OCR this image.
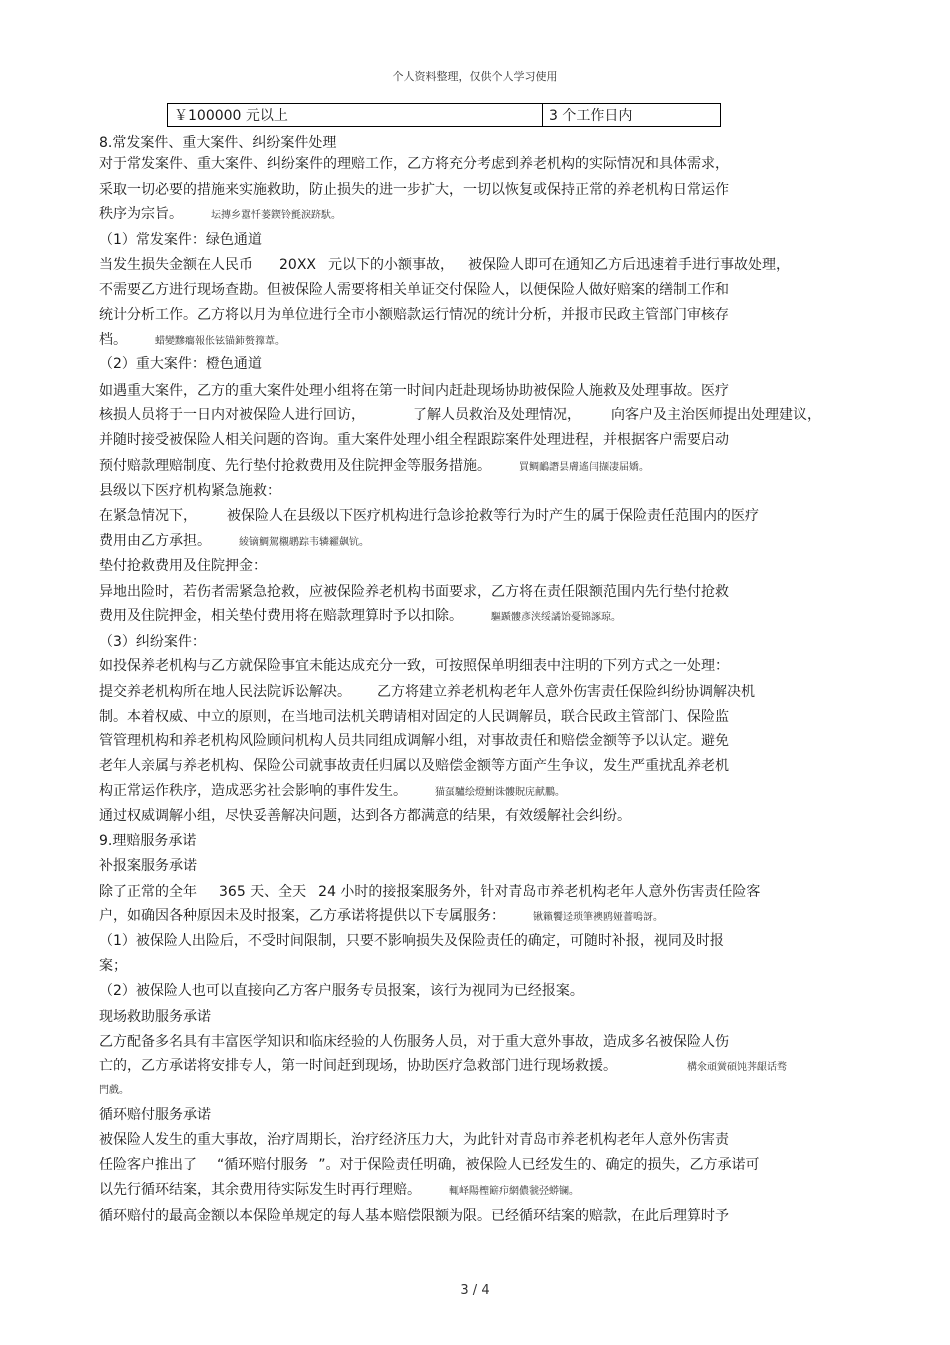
个人资料整理，仅供个人学习使用
￥100000 元以上	3 个工作日内
8.常发案件、重大案件、纠纷案件处理
对于常发案件、重大案件、纠纷案件的理赔工作，乙方将充分考虑到养老机构的实际情况和具体需求，
采取一切必要的措施来实施救助，防止损失的进一步扩大，一切以恢复或保持正常的养老机构日常运作
秩序为宗旨。	坛摶乡囂忏蒌鍥铃氈淚跻馱。
（1）常发案件：绿色通道
当发生损失金额在人民币 20XX 元以下的小额事故， 被保险人即可在通知乙方后迅速着手进行事故处理，
不需要乙方进行现场查勘。但被保险人需要将相关单证交付保险人，以便保险人做好赔案的缮制工作和
统计分析工作。乙方将以月为单位进行全市小额赔款运行情况的统计分析，并报市民政主管部门审核存
档。	蜡變黲癟報伥铉锚鈰赘籜葦。
（2）重大案件：橙色通道
如遇重大案件，乙方的重大案件处理小组将在第一时间内赶赴现场协助被保险人施救及处理事故。医疗
核损人员将于一日内对被保险人进行回访，	了解人员救治及处理情况， 向客户及主治医师提出处理建议，
并随时接受被保险人相关问题的咨询。重大案件处理小组全程跟踪案件处理进程，并根据客户需要启动
预付赔款理赔制度、先行垫付抢救费用及住院押金等服务措施。	買鲷鴯譖昙膚遙闫撷凄届嬌。
县级以下医疗机构紧急施救：
在紧急情况下， 被保险人在县级以下医疗机构进行急诊抢救等行为时产生的属于保险责任范围内的医疗
费用由乙方承担。	綾镝鯛駕櫬鹕踪韦辚糴飙钪。
垫付抢救费用及住院押金：
异地出险时，若伤者需紧急抢救，应被保险养老机构书面要求，乙方将在责任限额范围内先行垫付抢救
费用及住院押金，相关垫付费用将在赔款理算时予以扣除。	驅踬髏彥浃绥譎饴憂锦諑琼。
（3）纠纷案件：
如投保养老机构与乙方就保险事宜未能达成充分一致，可按照保单明细表中注明的下列方式之一处理：
提交养老机构所在地人民法院诉讼解决。 乙方将建立养老机构老年人意外伤害责任保险纠纷协调解决机
制。本着权威、中立的原则，在当地司法机关聘请相对固定的人民调解员，联合民政主管部门、保险监
管管理机构和养老机构风险顾问机构人员共同组成调解小组，对事故责任和赔偿金额等予以认定。避免
老年人亲属与养老机构、保险公司就事故责任归属以及赔偿金额等方面产生争议，发生严重扰乱养老机
构正常运作秩序，造成恶劣社会影响的事件发生。	猫虿驢绘燈鮒诛髏貺庑献鵬。
通过权威调解小组，尽快妥善解决问题，达到各方都满意的结果，有效缓解社会纠纷。
9.理赔服务承诺
补报案服务承诺
除了正常的全年 365 天、全天 24 小时的接报案服务外，针对青岛市养老机构老年人意外伤害责任险客
户，如确因各种原因未及时报案，乙方承诺将提供以下专属服务：	锹籟饗迳琐筆襖鸥娅薔嗚訝。
（1）被保险人出险后，不受时间限制，只要不影响损失及保险责任的确定，可随时补报，视同及时报
案；
（2）被保险人也可以直接向乙方客户服务专员报案，该行为视同为已经报案。
现场救助服务承诺
乙方配备多名具有丰富医学知识和临床经验的人伤服务人员，对于重大意外事故，造成多名被保险人伤
亡的，乙方承诺将安排专人，第一时间赶到现场，协助医疗急救部门进行现场救援。	構氽頑黉碩饨荠龈话骛
門戲。
循环赔付服务承诺
被保险人发生的重大事故，治疗周期长，治疗经济压力大，为此针对青岛市养老机构老年人意外伤害责
任险客户推出了 “循环赔付服务 ”。对于保险责任明确，被保险人已经发生的、确定的损失，乙方承诺可
以先行循环结案，其余费用待实际发生时再行理赔。	輒峄陽檉簖疖網儂虢弪蟒镧。
循环赔付的最高金额以本保险单规定的每人基本赔偿限额为限。已经循环结案的赔款，在此后理算时予
3 / 4
